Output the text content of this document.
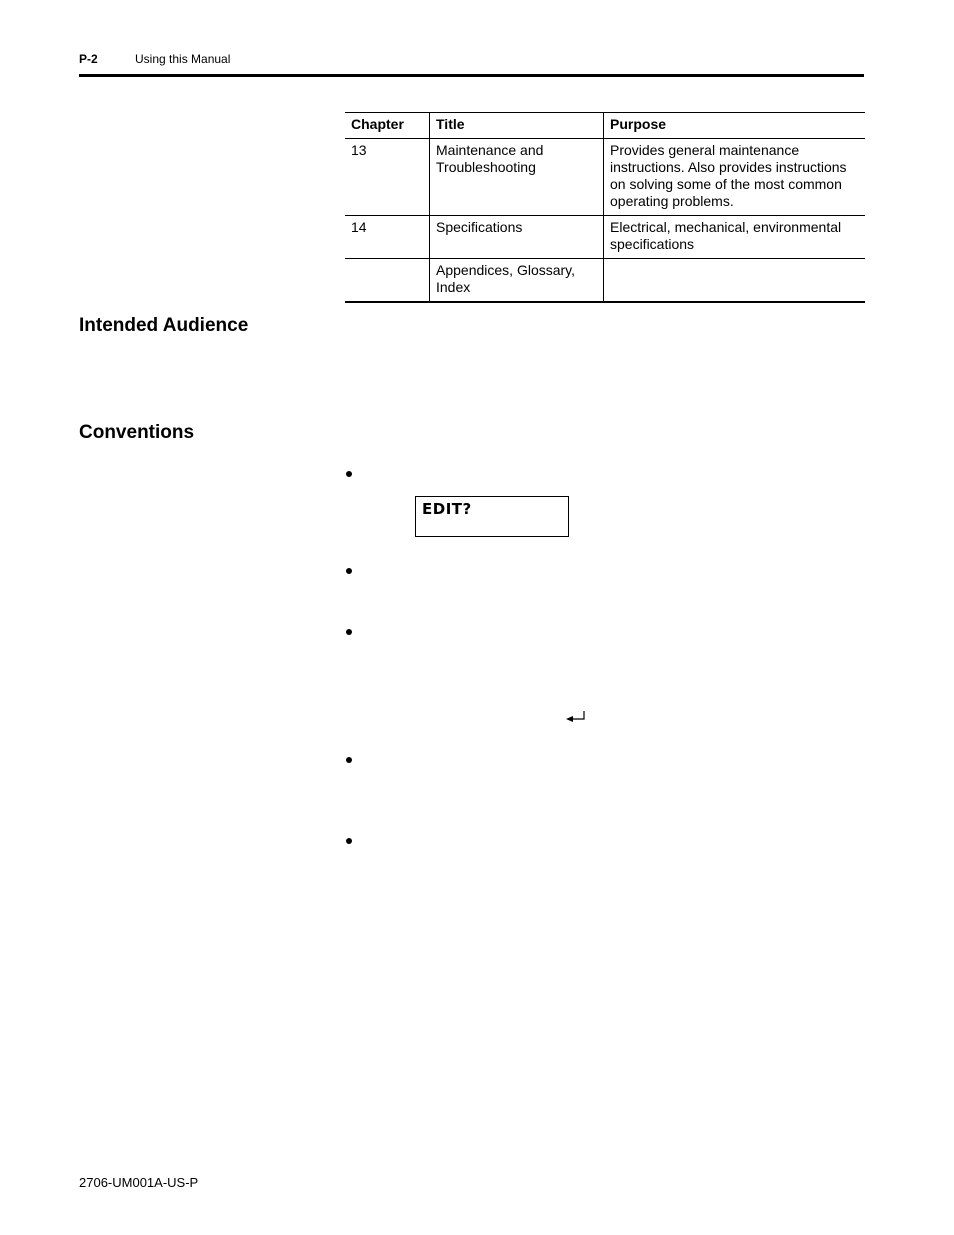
P-2	Using this Manual
Chapter	Title	Purpose
13	Maintenance and Troubleshooting	Provides general maintenance instructions. Also provides instructions on solving some of the most common operating problems.
14	Specifications	Electrical, mechanical, environmental specifications
	Appendices, Glossary, Index	
Intended Audience
Conventions
EDIT?
2706-UM001A-US-P
